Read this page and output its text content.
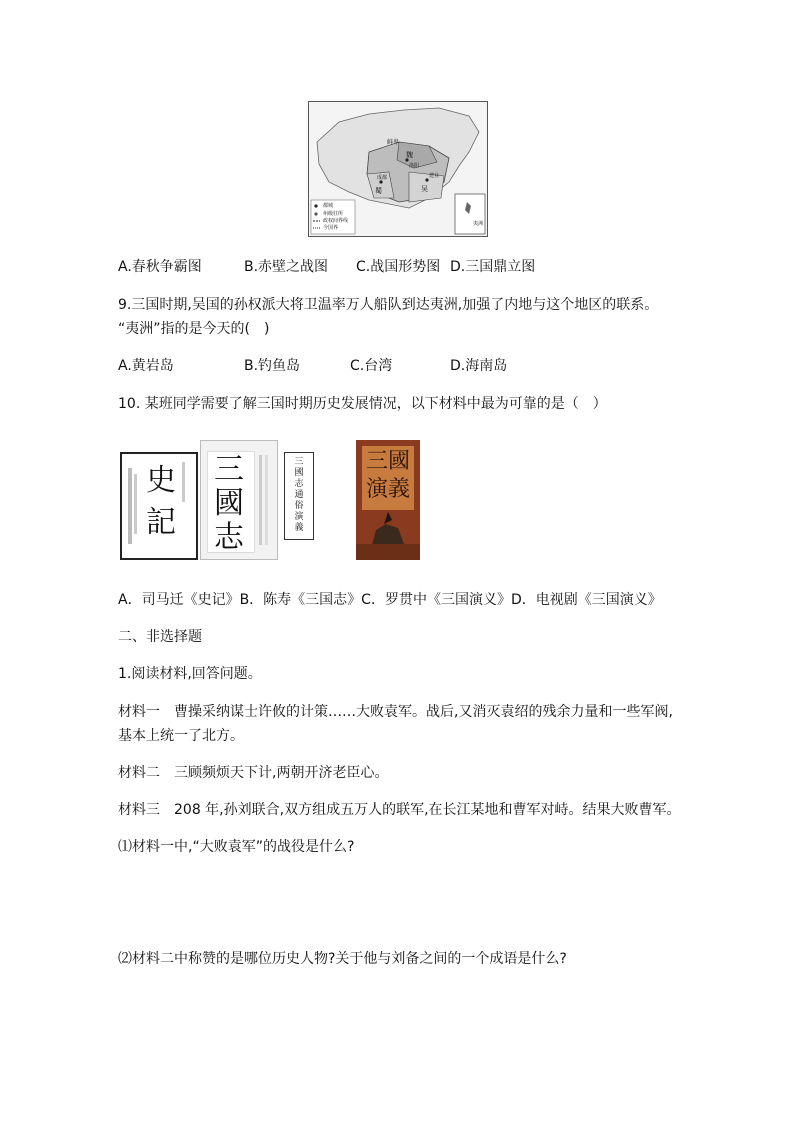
鲜卑
魏
蜀	吴
洛阳
成都	建业
夷洲
都城
州级驻所
政权间界线
今国界
A.春秋争霸图	B.赤壁之战图 C.战国形势图 D.三国鼎立图
9.三国时期,吴国的孙权派大将卫温率万人船队到达夷洲,加强了内地与这个地区的联系。
“夷洲”指的是今天的(　)
A.黄岩岛	B.钓鱼岛	C.台湾	D.海南岛
10. 某班同学需要了解三国时期历史发展情况，以下材料中最为可靠的是（　）
史記
三國志
三國志通俗演義
三國演義
A．司马迁《史记》B．陈寿《三国志》C．罗贯中《三国演义》D．电视剧《三国演义》
二、非选择题
1.阅读材料,回答问题。
材料一　曹操采纳谋士许攸的计策……大败袁军。战后,又消灭袁绍的残余力量和一些军阀,
基本上统一了北方。
材料二　三顾频烦天下计,两朝开济老臣心。
材料三　208 年,孙刘联合,双方组成五万人的联军,在长江某地和曹军对峙。结果大败曹军。
⑴材料一中,“大败袁军”的战役是什么?
⑵材料二中称赞的是哪位历史人物?关于他与刘备之间的一个成语是什么?
